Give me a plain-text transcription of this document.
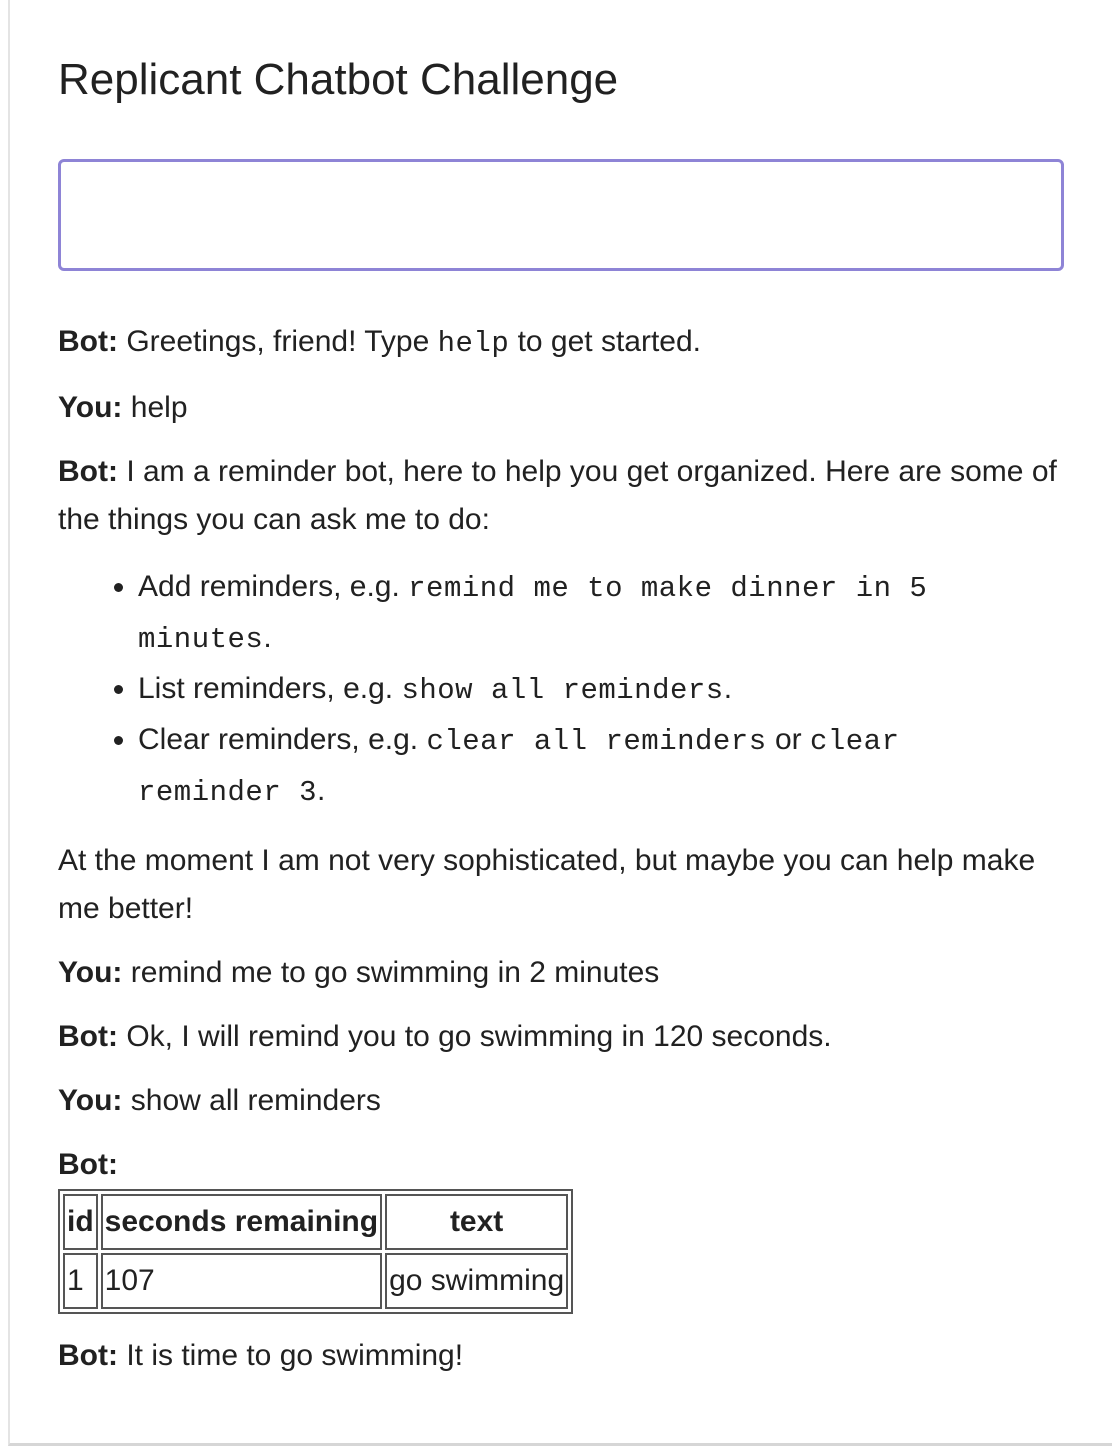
Replicant Chatbot Challenge

Bot: Greetings, friend! Type help to get started.

You: help

Bot: I am a reminder bot, here to help you get organized. Here are some of the things you can ask me to do:
• Add reminders, e.g. remind me to make dinner in 5 minutes.
• List reminders, e.g. show all reminders.
• Clear reminders, e.g. clear all reminders or clear reminder 3.

At the moment I am not very sophisticated, but maybe you can help make me better!

You: remind me to go swimming in 2 minutes

Bot: Ok, I will remind you to go swimming in 120 seconds.

You: show all reminders

Bot:
id	seconds remaining	text
1	107	go swimming

Bot: It is time to go swimming!
